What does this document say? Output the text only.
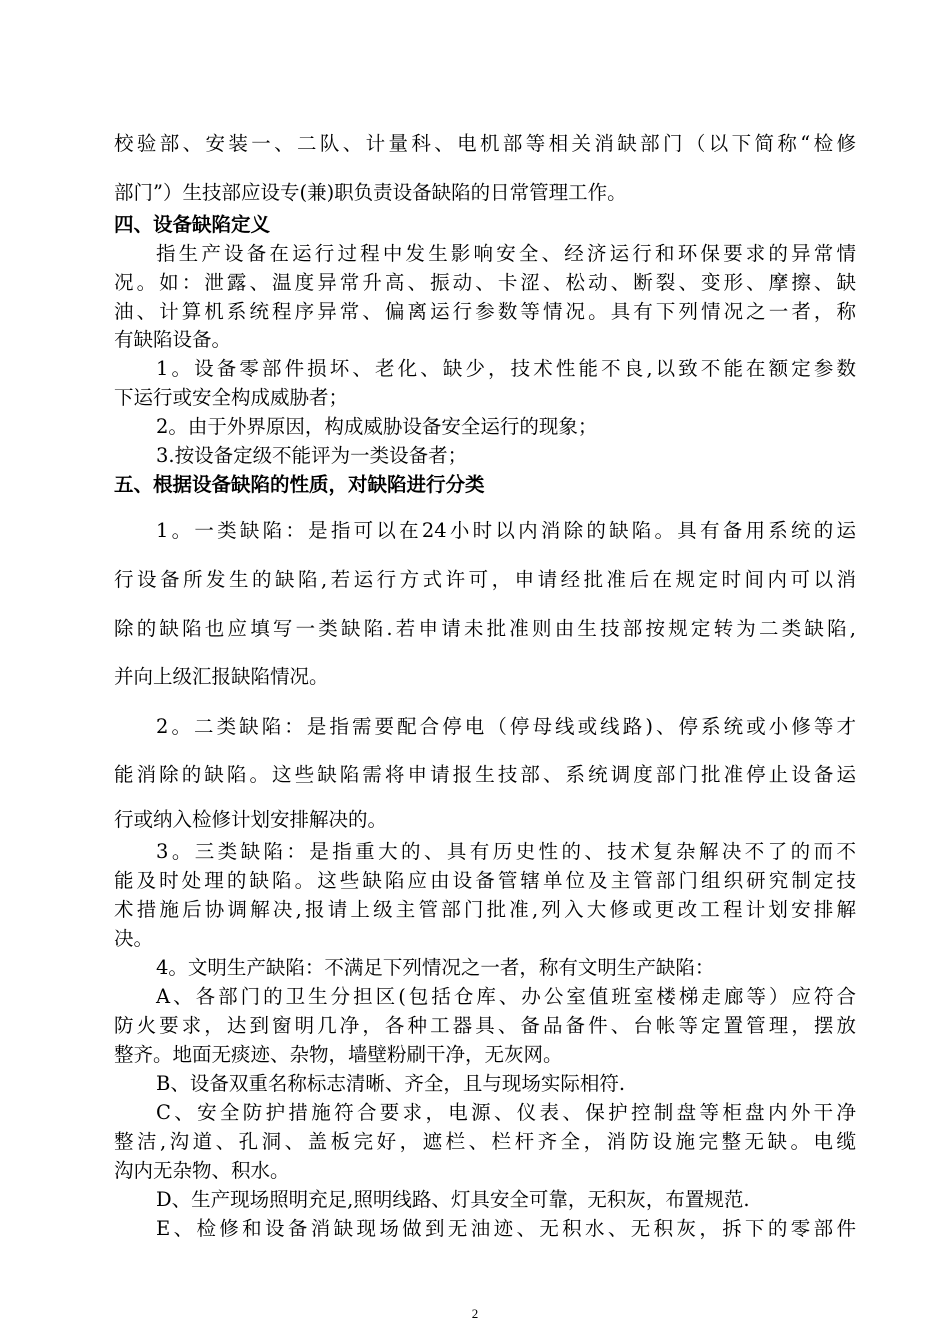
校验部、安装一、二队、计量科、电机部等相关消缺部门（以下简称“检修
部门”）生技部应设专(兼)职负责设备缺陷的日常管理工作。
四、设备缺陷定义
指生产设备在运行过程中发生影响安全、经济运行和环保要求的异常情
况。如：泄露、温度异常升高、振动、卡涩、松动、断裂、变形、摩擦、缺
油、计算机系统程序异常、偏离运行参数等情况。具有下列情况之一者，称
有缺陷设备。
1。设备零部件损坏、老化、缺少，技术性能不良,以致不能在额定参数
下运行或安全构成威胁者；
2。由于外界原因，构成威胁设备安全运行的现象；
3.按设备定级不能评为一类设备者；
五、根据设备缺陷的性质，对缺陷进行分类
1。一类缺陷：是指可以在24小时以内消除的缺陷。具有备用系统的运
行设备所发生的缺陷,若运行方式许可，申请经批准后在规定时间内可以消
除的缺陷也应填写一类缺陷.若申请未批准则由生技部按规定转为二类缺陷,
并向上级汇报缺陷情况。
2。二类缺陷：是指需要配合停电（停母线或线路)、停系统或小修等才
能消除的缺陷。这些缺陷需将申请报生技部、系统调度部门批准停止设备运
行或纳入检修计划安排解决的。
3。三类缺陷：是指重大的、具有历史性的、技术复杂解决不了的而不
能及时处理的缺陷。这些缺陷应由设备管辖单位及主管部门组织研究制定技
术措施后协调解决,报请上级主管部门批准,列入大修或更改工程计划安排解
决。
4。文明生产缺陷：不满足下列情况之一者，称有文明生产缺陷：
A、各部门的卫生分担区(包括仓库、办公室值班室楼梯走廊等）应符合
防火要求，达到窗明几净，各种工器具、备品备件、台帐等定置管理，摆放
整齐。地面无痰迹、杂物，墙壁粉刷干净，无灰网。
B、设备双重名称标志清晰、齐全，且与现场实际相符.
C、安全防护措施符合要求，电源、仪表、保护控制盘等柜盘内外干净
整洁,沟道、孔洞、盖板完好，遮栏、栏杆齐全，消防设施完整无缺。电缆
沟内无杂物、积水。
D、生产现场照明充足,照明线路、灯具安全可靠，无积灰，布置规范.
E、检修和设备消缺现场做到无油迹、无积水、无积灰，拆下的零部件
2
